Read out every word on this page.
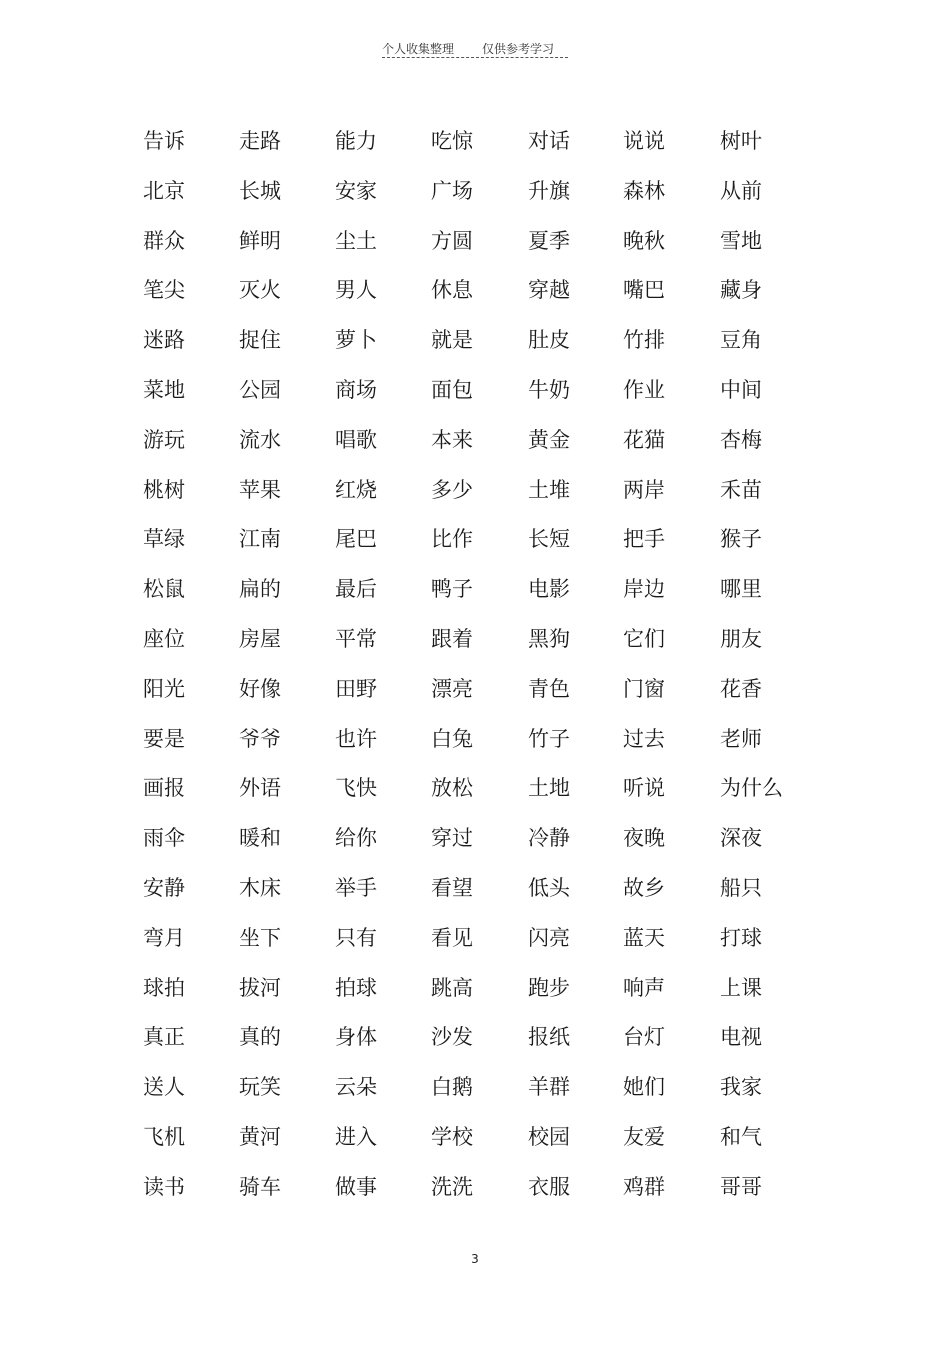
个人收集整理 仅供参考学习
告诉	走路	能力	吃惊	对话	说说	树叶
北京	长城	安家	广场	升旗	森林	从前
群众	鲜明	尘土	方圆	夏季	晚秋	雪地
笔尖	灭火	男人	休息	穿越	嘴巴	藏身
迷路	捉住	萝卜	就是	肚皮	竹排	豆角
菜地	公园	商场	面包	牛奶	作业	中间
游玩	流水	唱歌	本来	黄金	花猫	杏梅
桃树	苹果	红烧	多少	土堆	两岸	禾苗
草绿	江南	尾巴	比作	长短	把手	猴子
松鼠	扁的	最后	鸭子	电影	岸边	哪里
座位	房屋	平常	跟着	黑狗	它们	朋友
阳光	好像	田野	漂亮	青色	门窗	花香
要是	爷爷	也许	白兔	竹子	过去	老师
画报	外语	飞快	放松	土地	听说	为什么
雨伞	暖和	给你	穿过	冷静	夜晚	深夜
安静	木床	举手	看望	低头	故乡	船只
弯月	坐下	只有	看见	闪亮	蓝天	打球
球拍	拔河	拍球	跳高	跑步	响声	上课
真正	真的	身体	沙发	报纸	台灯	电视
送人	玩笑	云朵	白鹅	羊群	她们	我家
飞机	黄河	进入	学校	校园	友爱	和气
读书	骑车	做事	洗洗	衣服	鸡群	哥哥
3
